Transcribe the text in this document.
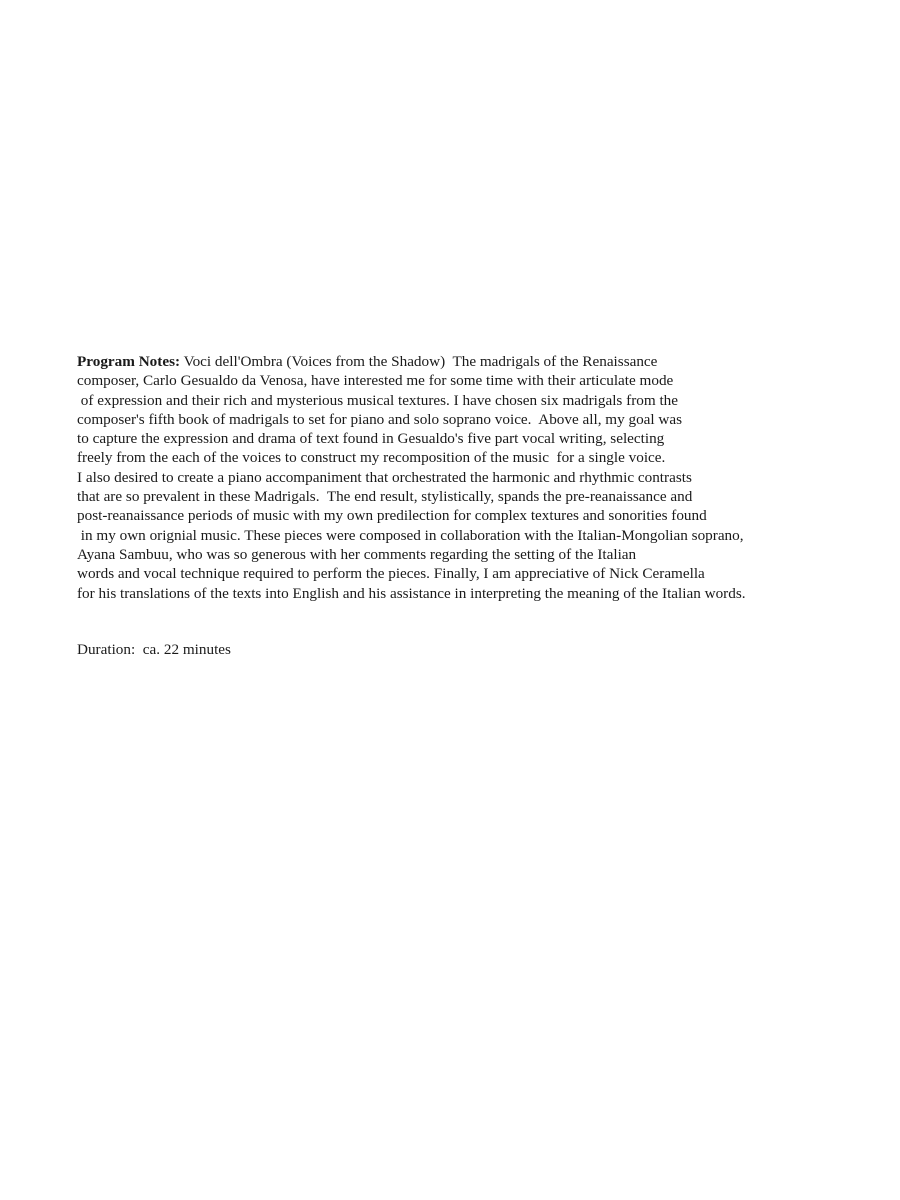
Program Notes: Voci dell'Ombra (Voices from the Shadow)  The madrigals of the Renaissance
composer, Carlo Gesualdo da Venosa, have interested me for some time with their articulate mode
of expression and their rich and mysterious musical textures. I have chosen six madrigals from the
composer's fifth book of madrigals to set for piano and solo soprano voice.  Above all, my goal was
to capture the expression and drama of text found in Gesualdo's five part vocal writing, selecting
freely from the each of the voices to construct my recomposition of the music  for a single voice.
I also desired to create a piano accompaniment that orchestrated the harmonic and rhythmic contrasts
that are so prevalent in these Madrigals.  The end result, stylistically, spands the pre-reanaissance and
post-reanaissance periods of music with my own predilection for complex textures and sonorities found
in my own orignial music. These pieces were composed in collaboration with the Italian-Mongolian soprano,
Ayana Sambuu, who was so generous with her comments regarding the setting of the Italian
words and vocal technique required to perform the pieces. Finally, I am appreciative of Nick Ceramella
for his translations of the texts into English and his assistance in interpreting the meaning of the Italian words.

Duration:  ca. 22 minutes
